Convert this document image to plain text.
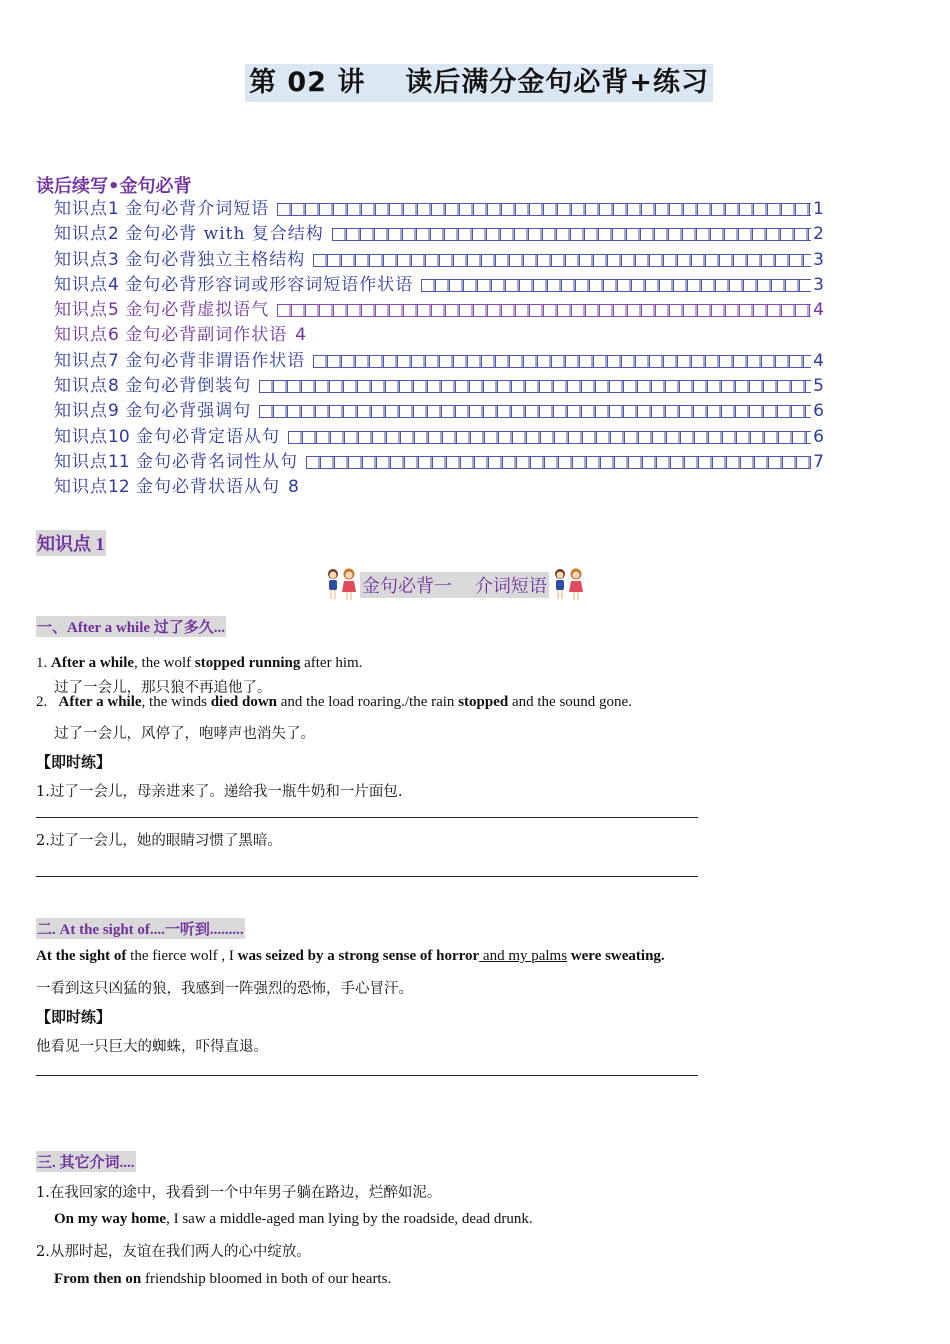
第 02 讲 读后满分金句必背+练习
读后续写•金句必背
知识点1 金句必背介词短语	1
知识点2 金句必背 with 复合结构	2
知识点3 金句必背独立主格结构	3
知识点4 金句必背形容词或形容词短语作状语	3
知识点5 金句必背虚拟语气	4
知识点6 金句必背副词作状语 4
知识点7 金句必背非谓语作状语	4
知识点8 金句必背倒装句	5
知识点9 金句必背强调句	6
知识点10 金句必背定语从句	6
知识点11 金句必背名词性从句	7
知识点12 金句必背状语从句 8
知识点 1
金句必背一    介词短语
一、After a while 过了多久...
1. After a while, the wolf stopped running after him.
过了一会儿，那只狼不再追他了。
2.   After a while, the winds died down and the load roaring./the rain stopped and the sound gone.
过了一会儿，风停了，咆哮声也消失了。
【即时练】
1.过了一会儿，母亲进来了。递给我一瓶牛奶和一片面包.
2.过了一会儿，她的眼睛习惯了黑暗。
二. At the sight of....一听到.........
At the sight of the fierce wolf , I was seized by a strong sense of horror and my palms were sweating.
一看到这只凶猛的狼，我感到一阵强烈的恐怖，手心冒汗。
【即时练】
他看见一只巨大的蜘蛛，吓得直退。
三. 其它介词....
1.在我回家的途中，我看到一个中年男子躺在路边，烂醉如泥。
On my way home, I saw a middle-aged man lying by the roadside, dead drunk.
2.从那时起，友谊在我们两人的心中绽放。
From then on friendship bloomed in both of our hearts.
